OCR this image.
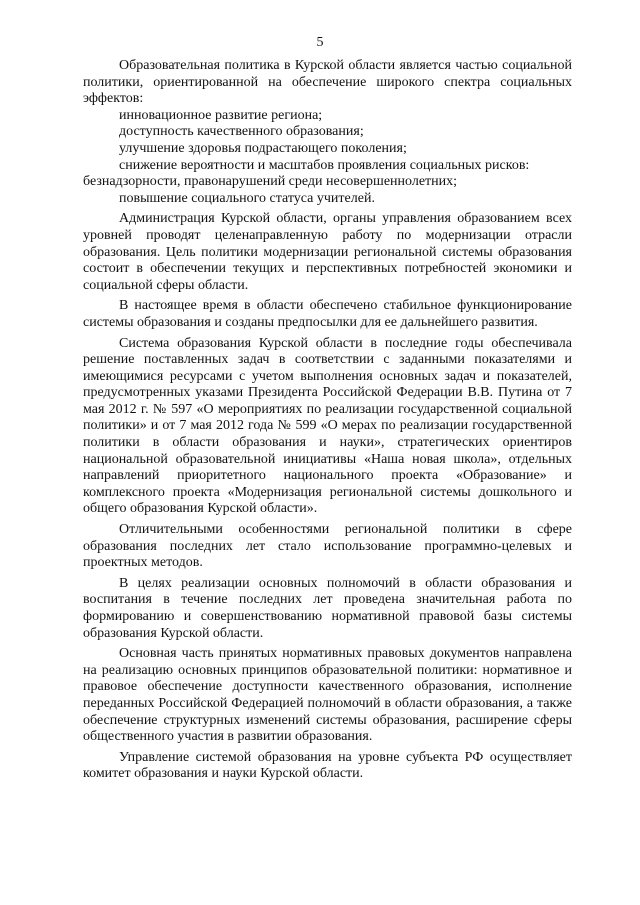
5

Образовательная политика в Курской области является частью социальной политики, ориентированной на обеспечение широкого спектра социальных эффектов:

инновационное развитие региона;
доступность качественного образования;
улучшение здоровья подрастающего поколения;
снижение вероятности и масштабов проявления социальных рисков: безнадзорности, правонарушений среди несовершеннолетних;
повышение социального статуса учителей.

Администрация Курской области, органы управления образованием всех уровней проводят целенаправленную работу по модернизации отрасли образования. Цель политики модернизации региональной системы образования состоит в обеспечении текущих и перспективных потребностей экономики и социальной сферы области.

В настоящее время в области обеспечено стабильное функционирование системы образования и созданы предпосылки для ее дальнейшего развития.

Система образования Курской области в последние годы обеспечивала решение поставленных задач в соответствии с заданными показателями и имеющимися ресурсами с учетом выполнения основных задач и показателей, предусмотренных указами Президента Российской Федерации В.В. Путина от 7 мая 2012 г. № 597 «О мероприятиях по реализации государственной социальной политики» и от 7 мая 2012 года № 599 «О мерах по реализации государственной политики в области образования и науки», стратегических ориентиров национальной образовательной инициативы «Наша новая школа», отдельных направлений приоритетного национального проекта «Образование» и комплексного проекта «Модернизация региональной системы дошкольного и общего образования Курской области».

Отличительными особенностями региональной политики в сфере образования последних лет стало использование программно-целевых и проектных методов.

В целях реализации основных полномочий в области образования и воспитания в течение последних лет проведена значительная работа по формированию и совершенствованию нормативной правовой базы системы образования Курской области.

Основная часть принятых нормативных правовых документов направлена на реализацию основных принципов образовательной политики: нормативное и правовое обеспечение доступности качественного образования, исполнение переданных Российской Федерацией полномочий в области образования, а также обеспечение структурных изменений системы образования, расширение сферы общественного участия в развитии образования.

Управление системой образования на уровне субъекта РФ осуществляет комитет образования и науки Курской области.
